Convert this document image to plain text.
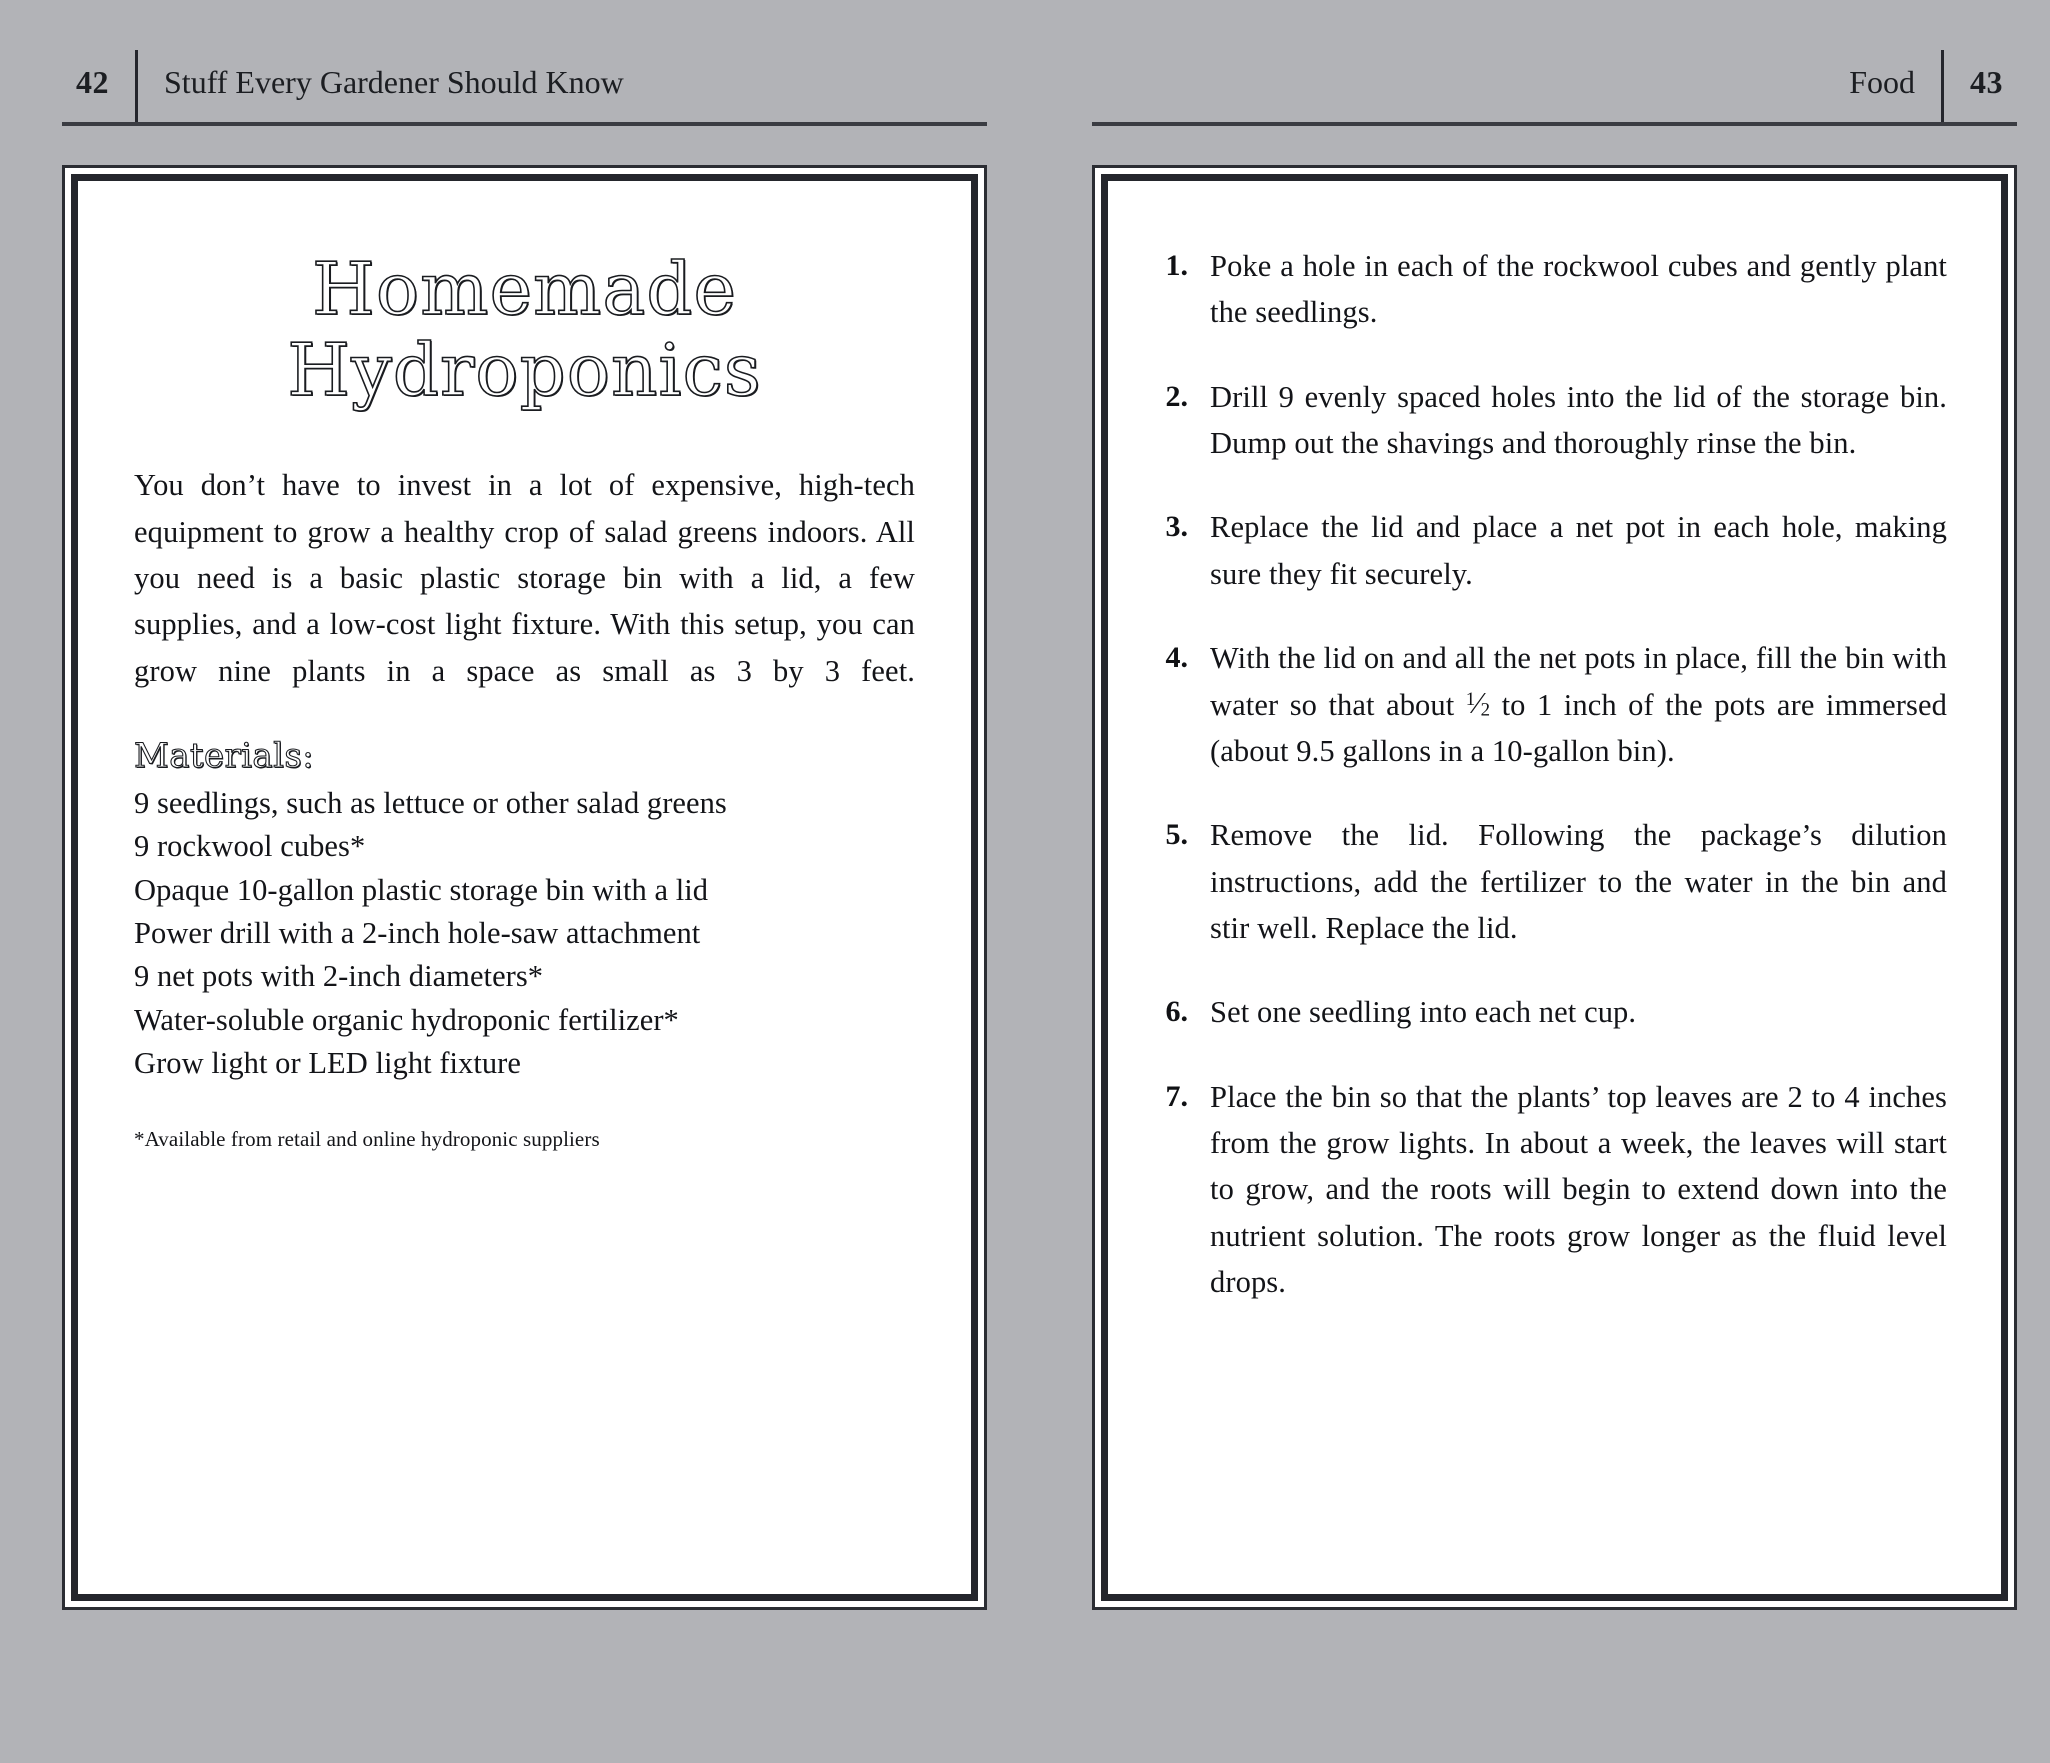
42 Stuff Every Gardener Should Know	Food 43
Homemade
Hydroponics

You don’t have to invest in a lot of expensive, high-tech equipment to grow a healthy crop of salad greens indoors. All you need is a basic plastic storage bin with a lid, a few supplies, and a low-cost light fixture. With this setup, you can grow nine plants in a space as small as 3 by 3 feet.

Materials:
9 seedlings, such as lettuce or other salad greens
9 rockwool cubes*
Opaque 10-gallon plastic storage bin with a lid
Power drill with a 2-inch hole-saw attachment
9 net pots with 2-inch diameters*
Water-soluble organic hydroponic fertilizer*
Grow light or LED light fixture
*Available from retail and online hydroponic suppliers
1. Poke a hole in each of the rockwool cubes and gently plant the seedlings.
2. Drill 9 evenly spaced holes into the lid of the storage bin. Dump out the shavings and thoroughly rinse the bin.
3. Replace the lid and place a net pot in each hole, making sure they fit securely.
4. With the lid on and all the net pots in place, fill the bin with water so that about $^1⁄_2$ to 1 inch of the pots are immersed (about 9.5 gallons in a 10-gallon bin).
5. Remove the lid. Following the package’s dilution instructions, add the fertilizer to the water in the bin and stir well. Replace the lid.
6. Set one seedling into each net cup.
7. Place the bin so that the plants’ top leaves are 2 to 4 inches from the grow lights. In about a week, the leaves will start to grow, and the roots will begin to extend down into the nutrient solution. The roots grow longer as the fluid level drops.
